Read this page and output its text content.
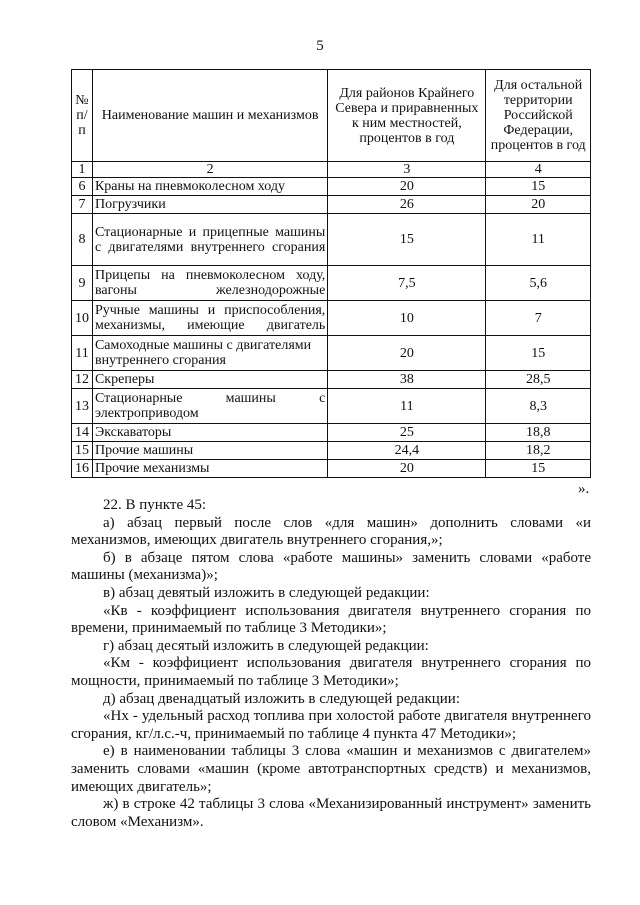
5
№ п/п	Наименование машин и механизмов	Для районов Крайнего Севера и приравненных к ним местностей, процентов в год	Для остальной территории Российской Федерации, процентов в год
1	2	3	4
6	Краны на пневмоколесном ходу	20	15
7	Погрузчики	26	20
8	Стационарные и прицепные машины с двигателями внутреннего сгорания	15	11
9	Прицепы на пневмоколесном ходу, вагоны железнодорожные	7,5	5,6
10	Ручные машины и приспособления, механизмы, имеющие двигатель	10	7
11	Самоходные машины с двигателями внутреннего сгорания	20	15
12	Скреперы	38	28,5
13	Стационарные машины с электроприводом	11	8,3
14	Экскаваторы	25	18,8
15	Прочие машины	24,4	18,2
16	Прочие механизмы	20	15
».

22. В пункте 45:

а) абзац первый после слов «для машин» дополнить словами «и механизмов, имеющих двигатель внутреннего сгорания,»;

б) в абзаце пятом слова «работе машины» заменить словами «работе машины (механизма)»;

в) абзац девятый изложить в следующей редакции:

«Кв - коэффициент использования двигателя внутреннего сгорания по времени, принимаемый по таблице 3 Методики»;

г) абзац десятый изложить в следующей редакции:

«Км - коэффициент использования двигателя внутреннего сгорания по мощности, принимаемый по таблице 3 Методики»;

д) абзац двенадцатый изложить в следующей редакции:

«Нх - удельный расход топлива при холостой работе двигателя внутреннего сгорания, кг/л.с.-ч, принимаемый по таблице 4 пункта 47 Методики»;

е) в наименовании таблицы 3 слова «машин и механизмов с двигателем» заменить словами «машин (кроме автотранспортных средств) и механизмов, имеющих двигатель»;

ж) в строке 42 таблицы 3 слова «Механизированный инструмент» заменить словом «Механизм».
